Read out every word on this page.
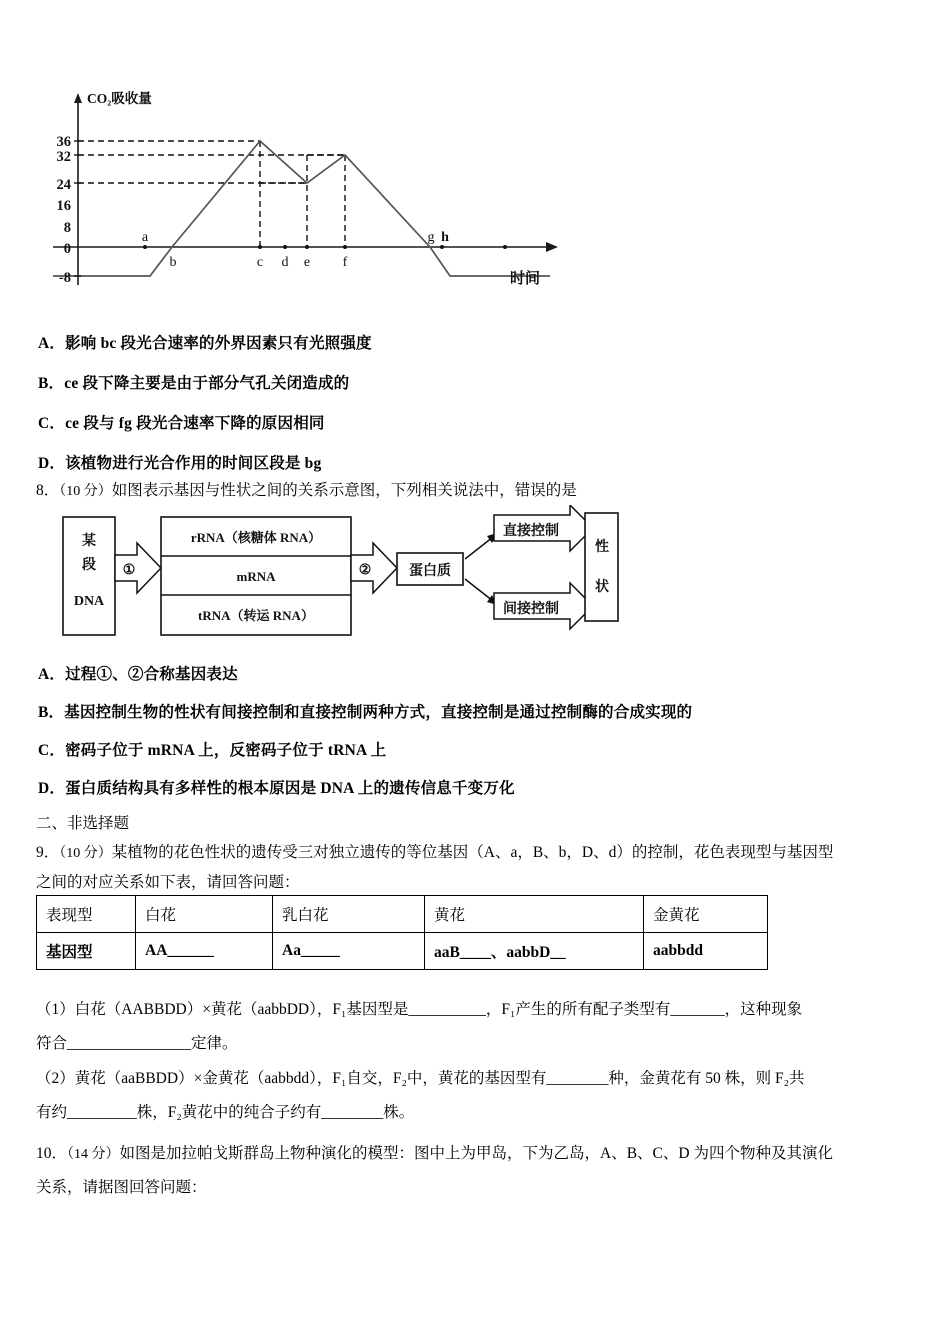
36
32
24
16
8
0
-8
CO₂吸收量
时间
a
b	c d e f
g h
A．影响 bc 段光合速率的外界因素只有光照强度
B．ce 段下降主要是由于部分气孔关闭造成的
C．ce 段与 fg 段光合速率下降的原因相同
D．该植物进行光合作用的时间区段是 bg
8．（10 分）如图表示基因与性状之间的关系示意图，下列相关说法中，错误的是
某
段
DNA
①
rRNA（核糖体 RNA）
mRNA
tRNA（转运 RNA）
②	蛋白质
直接控制
间接控制
性
状
A．过程①、②合称基因表达
B．基因控制生物的性状有间接控制和直接控制两种方式，直接控制是通过控制酶的合成实现的
C．密码子位于 mRNA 上，反密码子位于 tRNA 上
D．蛋白质结构具有多样性的根本原因是 DNA 上的遗传信息千变万化
二、非选择题
9．（10 分）某植物的花色性状的遗传受三对独立遗传的等位基因（A、a，B、b，D、d）的控制，花色表现型与基因型
之间的对应关系如下表，请回答问题：
表现型	白花	乳白花	黄花	金黄花
基因型	AA______	Aa_____	aaB____、aabbD__	aabbdd
（1）白花（AABBDD）×黄花（aabbDD），F₁基因型是__________，F₁产生的所有配子类型有_______，这种现象
符合________________定律。
（2）黄花（aaBBDD）×金黄花（aabbdd），F₁自交，F₂中，黄花的基因型有________种，金黄花有 50 株，则 F₂共
有约_________株，F₂黄花中的纯合子约有________株。
10．（14 分）如图是加拉帕戈斯群岛上物种演化的模型：图中上为甲岛，下为乙岛，A、B、C、D 为四个物种及其演化
关系，请据图回答问题：
